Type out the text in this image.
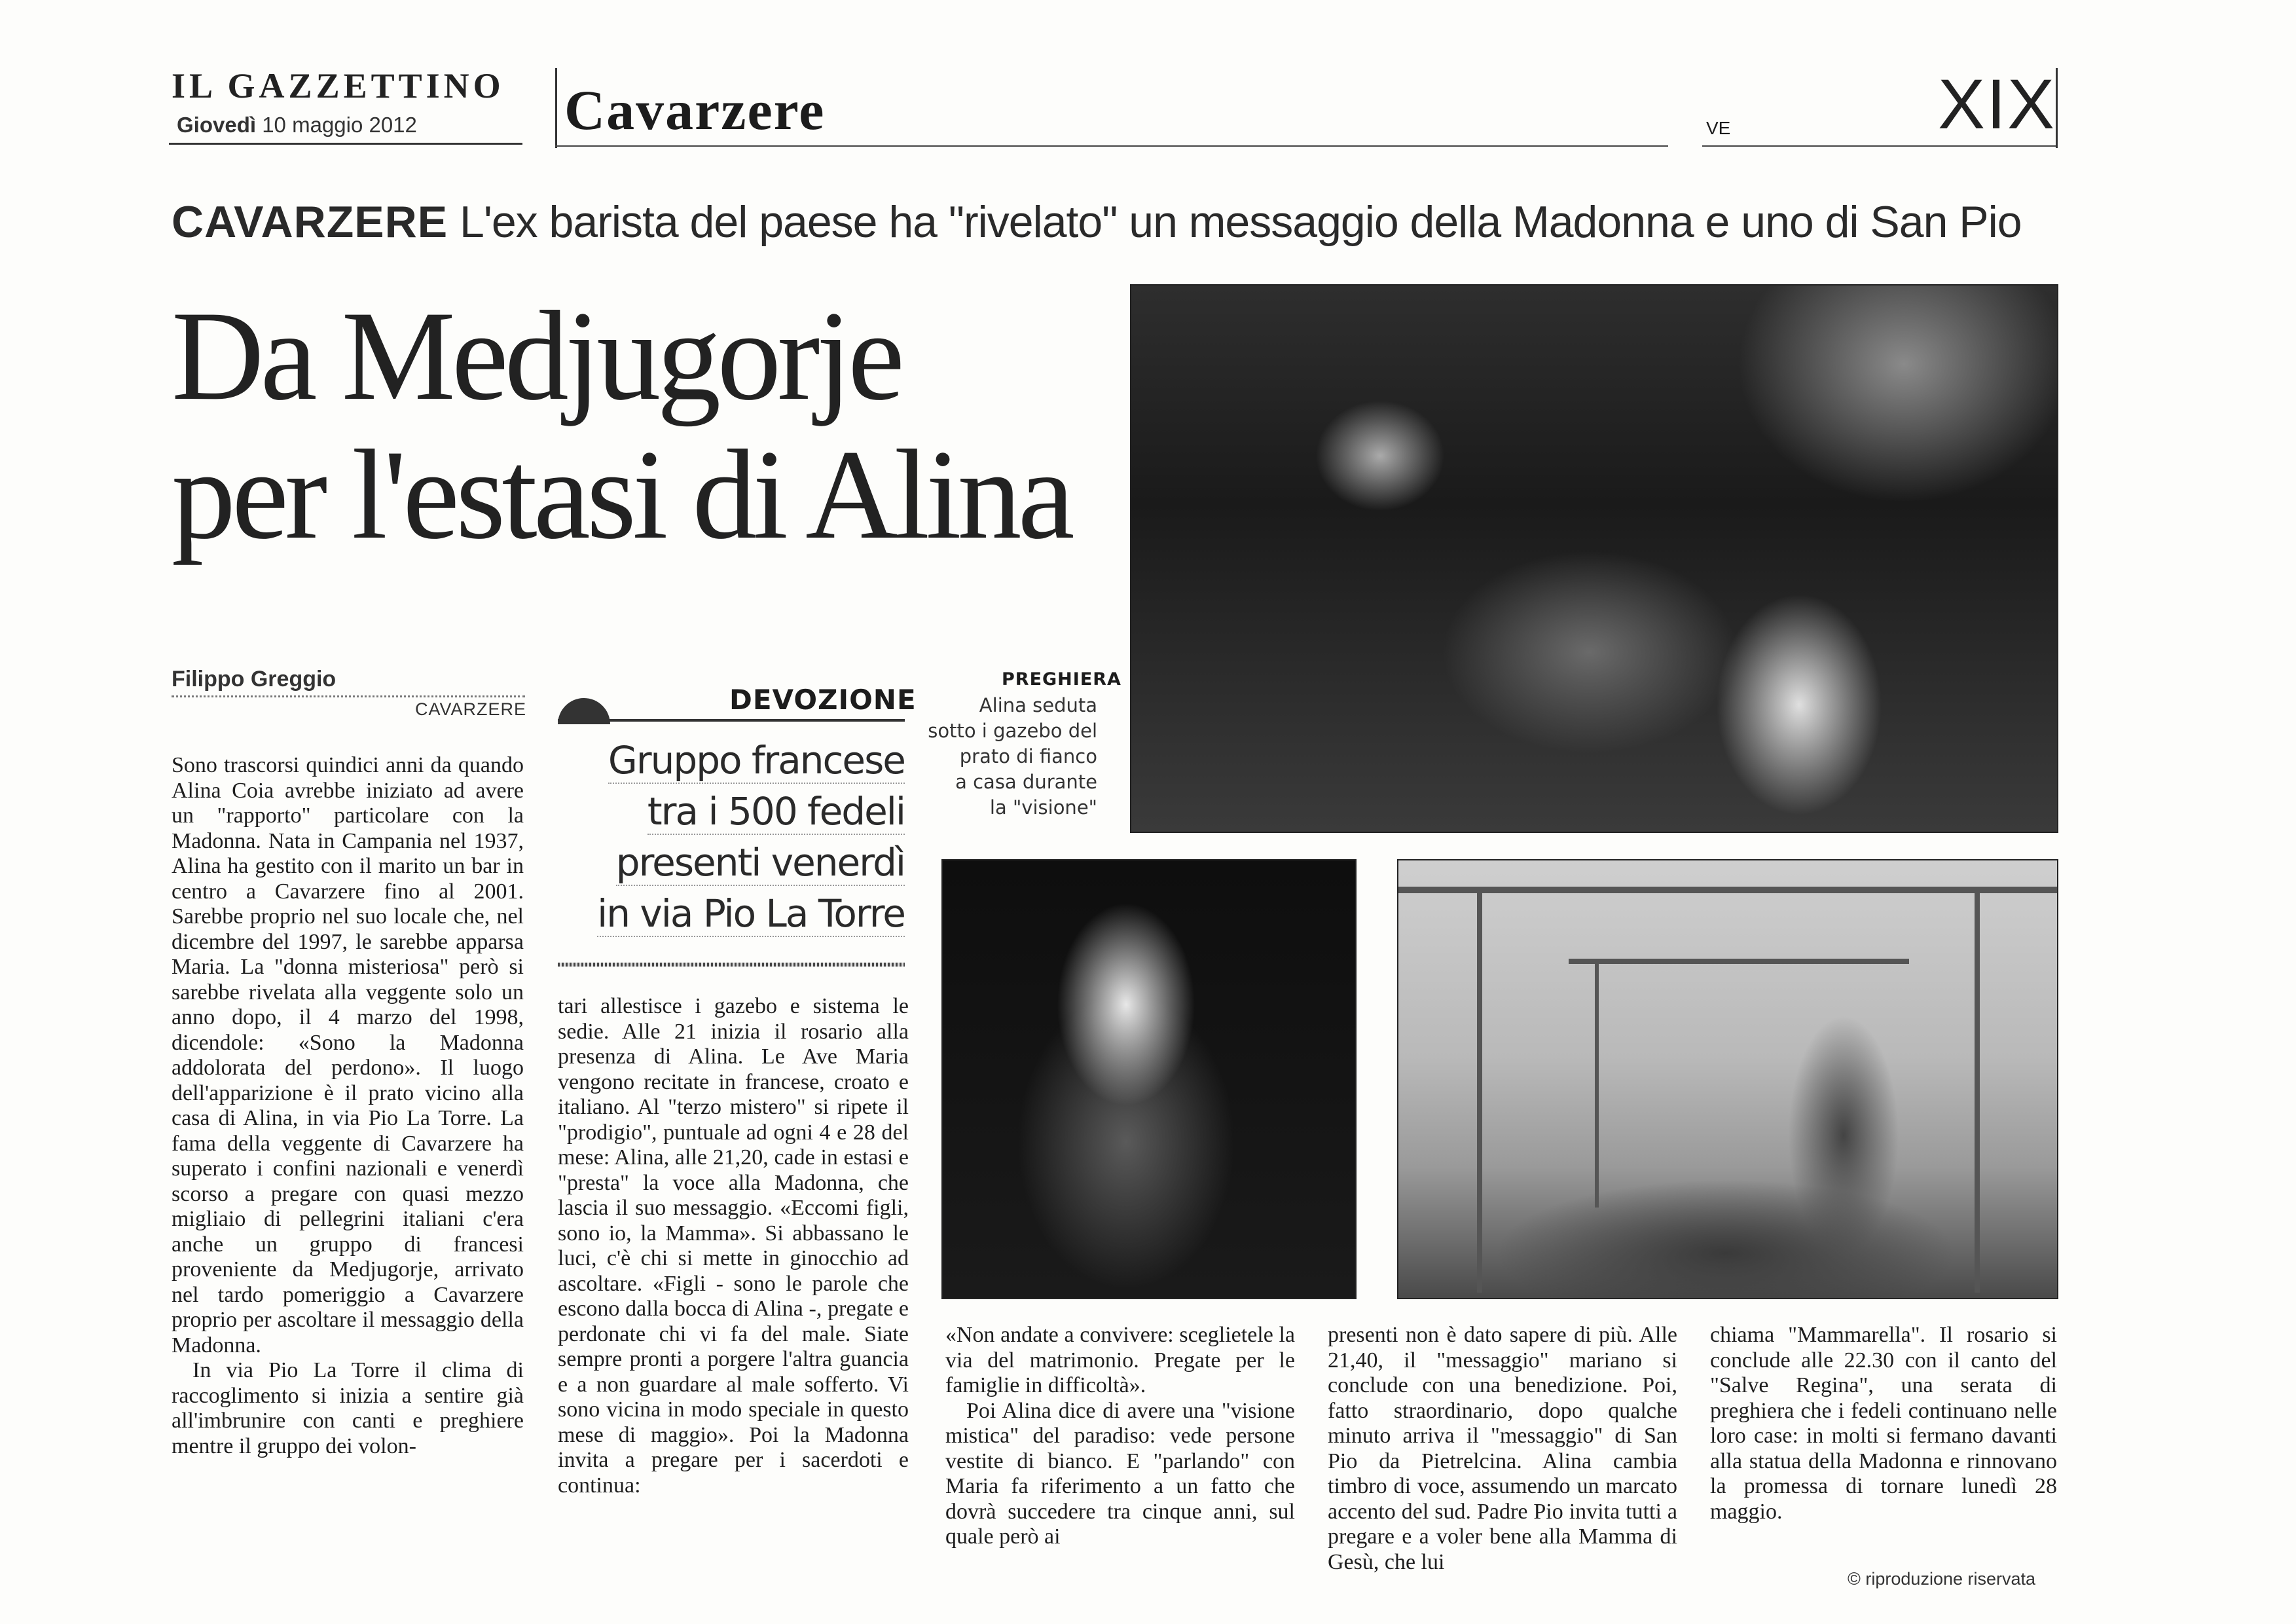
IL GAZZETTINO
Giovedì 10 maggio 2012	Cavarzere	VE	XIX
CAVARZERE L'ex barista del paese ha "rivelato" un messaggio della Madonna e uno di San Pio
Da Medjugorje
per l'estasi di Alina
Filippo Greggio
CAVARZERE	DEVOZIONE
Gruppo francese
tra i 500 fedeli
presenti venerdì
in via Pio La Torre
PREGHIERA
Alina seduta
sotto i gazebo del
prato di fianco
a casa durante
la "visione"

Sono trascorsi quindici anni da quando Alina Coia avrebbe iniziato ad avere un "rapporto" particolare con la Madonna. Nata in Campania nel 1937, Alina ha gestito con il marito un bar in centro a Cavarzere fino al 2001. Sarebbe proprio nel suo locale che, nel dicembre del 1997, le sarebbe apparsa Maria. La "donna misteriosa" però si sarebbe rivelata alla veggente solo un anno dopo, il 4 marzo del 1998, dicendole: «Sono la Madonna addolorata del perdono». Il luogo dell'apparizione è il prato vicino alla casa di Alina, in via Pio La Torre. La fama della veggente di Cavarzere ha superato i confini nazionali e venerdì scorso a pregare con quasi mezzo migliaio di pellegrini italiani c'era anche un gruppo di francesi proveniente da Medjugorje, arrivato nel tardo pomeriggio a Cavarzere proprio per ascoltare il messaggio della Madonna.

In via Pio La Torre il clima di raccoglimento si inizia a sentire già all'imbrunire con canti e preghiere mentre il gruppo dei volon-

tari allestisce i gazebo e sistema le sedie. Alle 21 inizia il rosario alla presenza di Alina. Le Ave Maria vengono recitate in francese, croato e italiano. Al "terzo mistero" si ripete il "prodigio", puntuale ad ogni 4 e 28 del mese: Alina, alle 21,20, cade in estasi e "presta" la voce alla Madonna, che lascia il suo messaggio. «Eccomi figli, sono io, la Mamma». Si abbassano le luci, c'è chi si mette in ginocchio ad ascoltare. «Figli - sono le parole che escono dalla bocca di Alina -, pregate e perdonate chi vi fa del male. Siate sempre pronti a porgere l'altra guancia e a non guardare al male sofferto. Vi sono vicina in modo speciale in questo mese di maggio». Poi la Madonna invita a pregare per i sacerdoti e continua:

«Non andate a convivere: sceglietele la via del matrimonio. Pregate per le famiglie in difficoltà».

Poi Alina dice di avere una "visione mistica" del paradiso: vede persone vestite di bianco. E "parlando" con Maria fa riferimento a un fatto che dovrà succedere tra cinque anni, sul quale però ai

presenti non è dato sapere di più. Alle 21,40, il "messaggio" mariano si conclude con una benedizione. Poi, fatto straordinario, dopo qualche minuto arriva il "messaggio" di San Pio da Pietrelcina. Alina cambia timbro di voce, assumendo un marcato accento del sud. Padre Pio invita tutti a pregare e a voler bene alla Mamma di Gesù, che lui

chiama "Mammarella". Il rosario si conclude alle 22.30 con il canto del "Salve Regina", una serata di preghiera che i fedeli continuano nelle loro case: in molti si fermano davanti alla statua della Madonna e rinnovano la promessa di tornare lunedì 28 maggio.

© riproduzione riservata
